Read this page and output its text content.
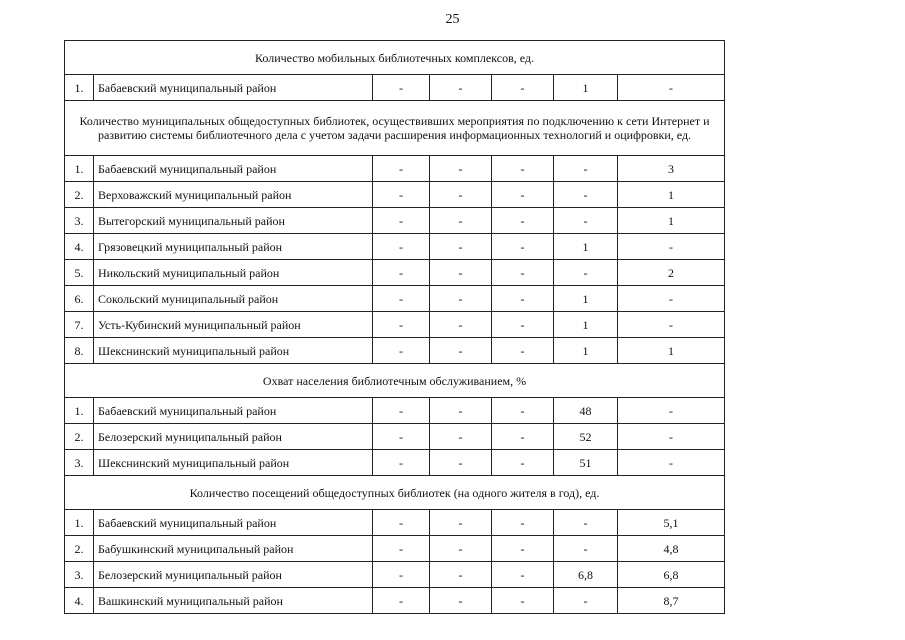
25
Количество мобильных библиотечных комплексов, ед.						
1.	Бабаевский муниципальный район	-	-	-	1	-
Количество муниципальных общедоступных библиотек, осуществивших мероприятия по подключению к сети Интернет и развитию системы библиотечного дела с учетом задачи расширения информационных технологий и оцифровки, ед.						
1.	Бабаевский муниципальный район	-	-	-	-	3
2.	Верховажский муниципальный район	-	-	-	-	1
3.	Вытегорский муниципальный район	-	-	-	-	1
4.	Грязовецкий муниципальный район	-	-	-	1	-
5.	Никольский муниципальный район	-	-	-	-	2
6.	Сокольский муниципальный район	-	-	-	1	-
7.	Усть-Кубинский муниципальный район	-	-	-	1	-
8.	Шекснинский муниципальный район	-	-	-	1	1
Охват населения библиотечным обслуживанием, %						
1.	Бабаевский муниципальный район	-	-	-	48	-
2.	Белозерский муниципальный район	-	-	-	52	-
3.	Шекснинский муниципальный район	-	-	-	51	-
Количество посещений общедоступных библиотек (на одного жителя в год), ед.						
1.	Бабаевский муниципальный район	-	-	-	-	5,1
2.	Бабушкинский муниципальный район	-	-	-	-	4,8
3.	Белозерский муниципальный район	-	-	-	6,8	6,8
4.	Вашкинский муниципальный район	-	-	-	-	8,7
